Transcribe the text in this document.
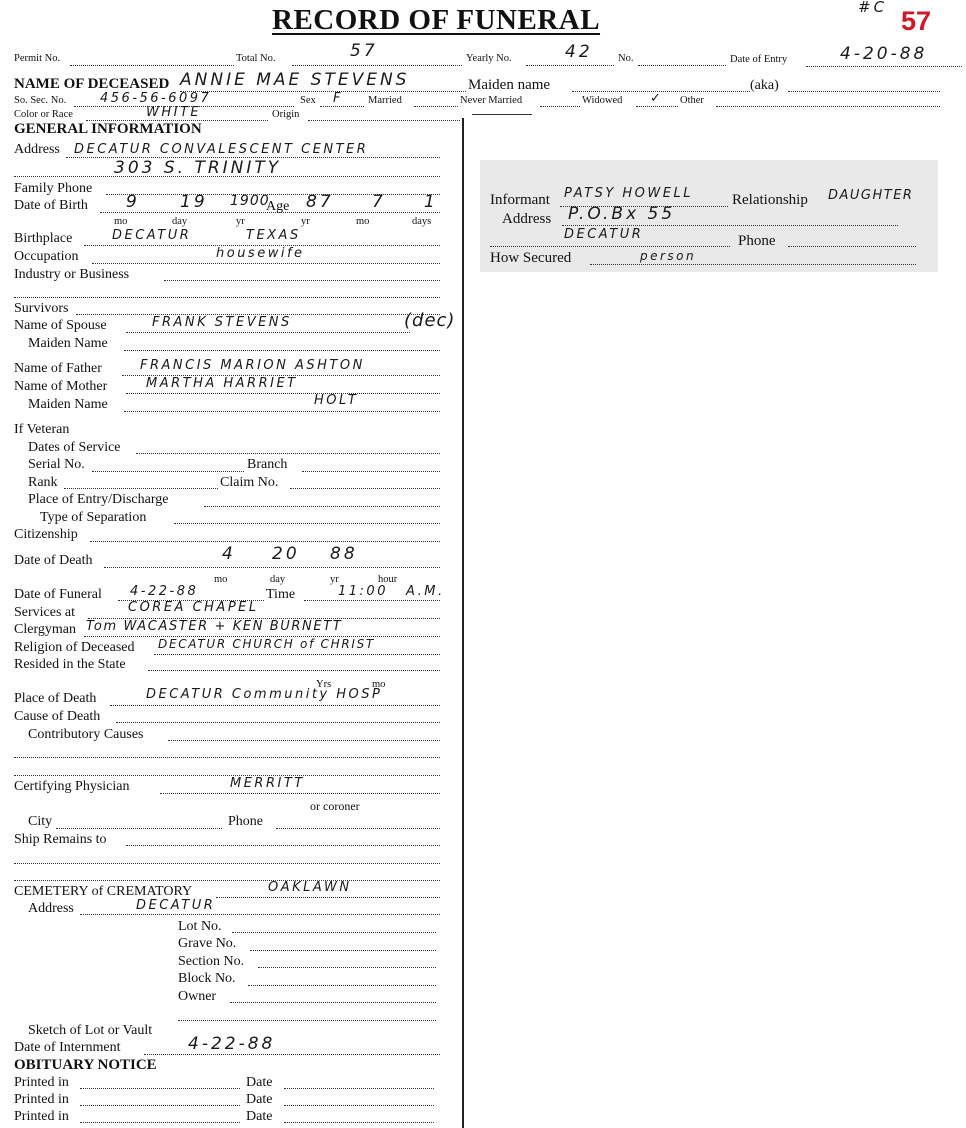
RECORD OF FUNERAL	#C 57
Permit No.	Total No.	57	Yearly No.	42 No.	Date of Entry	4-20-88
NAME OF DECEASED ANNIE MAE STEVENS	Maiden name	(aka)
So. Sec. No.	456-56-6097	Sex F Married	Never Married	Widowed ✓ Other
Color or Race	WHITE	Origin
GENERAL INFORMATION
Address DECATUR CONVALESCENT CENTER
303 S. TRINITY
Family Phone
Date of Birth 9 19 1900
Age 87 7 1
mo	day	yr	yr	mo	days
Birthplace	DECATUR	TEXAS
Occupation	housewife
Industry or Business
Survivors
Name of Spouse	FRANK STEVENS	(dec)
Maiden Name
Name of Father	FRANCIS MARION ASHTON
Name of Mother	MARTHA HARRIET
Maiden Name	HOLT
If Veteran
Dates of Service
Serial No.	Branch
Rank	Claim No.
Place of Entry/Discharge
Type of Separation
Citizenship
Date of Death	4 20 88
mo	day	yr	hour
Date of Funeral 4-22-88	Time	11:00 A.M.
Services at	COREA CHAPEL
Clergyman Tom WACASTER + KEN BURNETT
Religion of Deceased DECATUR CHURCH of CHRIST
Resided in the State
Yrs	mo
Place of Death	DECATUR Community HOSP
Cause of Death
Contributory Causes
Certifying Physician	MERRITT
or coroner
City	Phone
Ship Remains to
CEMETERY of CREMATORY	OAKLAWN
Address	DECATUR
Lot No.
Grave No.
Section No.
Block No.
Owner
Sketch of Lot or Vault
Date of Internment	4-22-88
OBITUARY NOTICE
Printed in	Date
Printed in	Date
Printed in	Date
Informant PATSY HOWELL	Relationship DAUGHTER
Address P.O.Bx 55
DECATUR	Phone
How Secured	person
